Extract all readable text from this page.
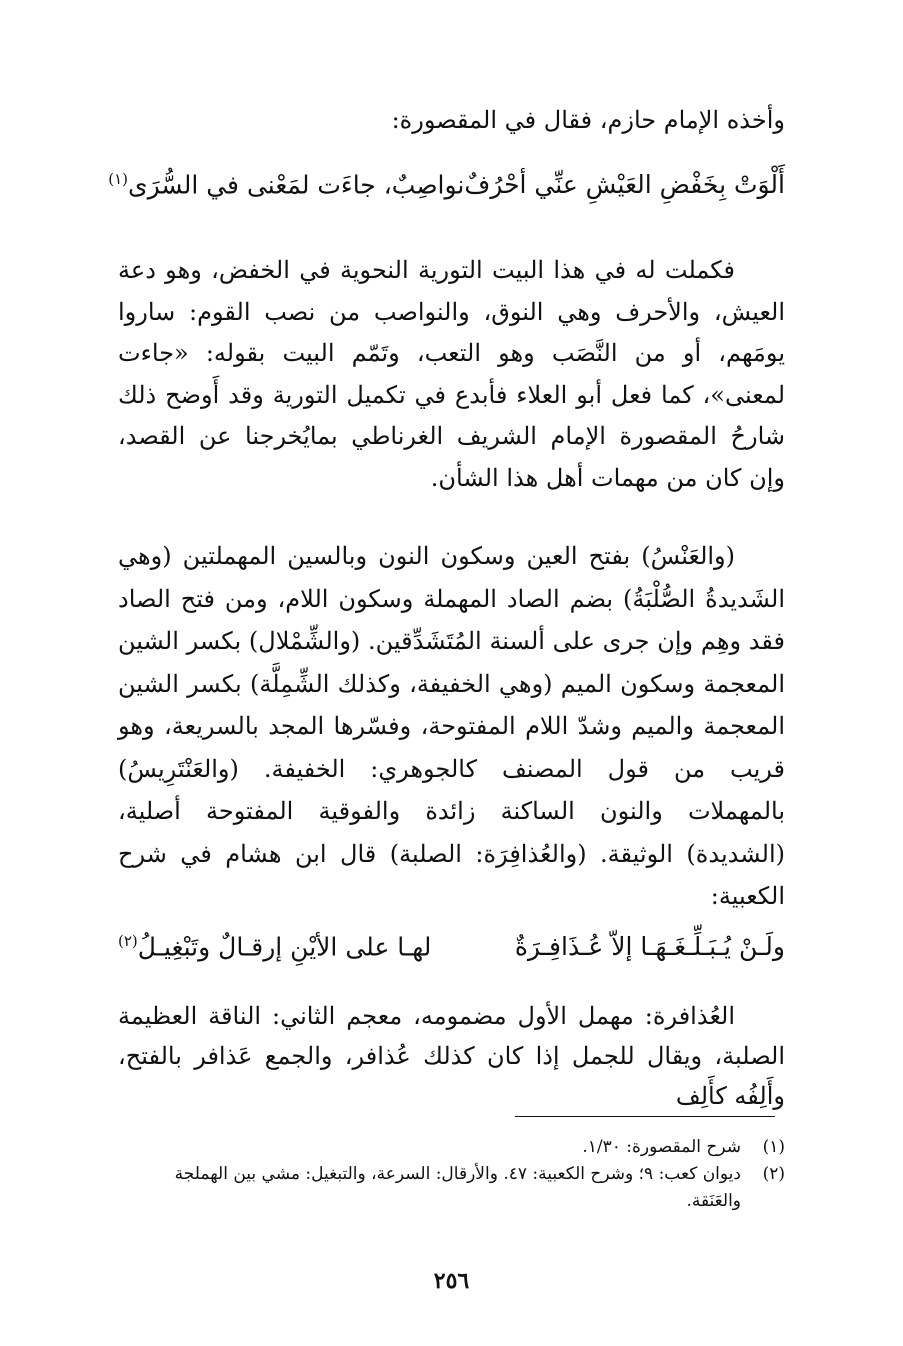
وأخذه الإمام حازم، فقال في المقصورة:

أَلْوَتْ بِخَفْضِ العَيْشِ عنِّي أحْرُفٌ
نواصِبٌ، جاءَت لمَعْنى في السُّرَى$^{(١)}$

فكملت له في هذا البيت التورية النحوية في الخفض، وهو دعة العيش، والأحرف وهي النوق، والنواصب من نصب القوم: ساروا يومَهم، أو من النَّصَب وهو التعب، وتَمّم البيت بقوله: «جاءت لمعنى»، كما فعل أبو العلاء فأبدع في تكميل التورية وقد أَوضح ذلك شارحُ المقصورة الإمام الشريف الغرناطي بمايُخرجنا عن القصد، وإن كان من مهمات أهل هذا الشأن.

(والعَنْسُ) بفتح العين وسكون النون وبالسين المهملتين (وهي الشَديدةُ الصُّلْبَةُ) بضم الصاد المهملة وسكون اللام، ومن فتح الصاد فقد وهِم وإن جرى على ألسنة المُتَشَدِّقين. (والشِّمْلال) بكسر الشين المعجمة وسكون الميم (وهي الخفيفة، وكذلك الشِّمِلَّة) بكسر الشين المعجمة والميم وشدّ اللام المفتوحة، وفسّرها المجد بالسريعة، وهو قريب من قول المصنف كالجوهري: الخفيفة. (والعَنْتَرِيسُ) بالمهملات والنون الساكنة زائدة والفوقية المفتوحة أصلية، (الشديدة) الوثيقة. (والعُذافِرَة: الصلبة) قال ابن هشام في شرح الكعبية:

ولَـنْ يُـبَـلِّـغَـهَـا إلاّ عُـذَافِـرَةٌ
لهـا على الأيْنِ إرقـالٌ وتَبْغِيـلُ$^{(٢)}$

العُذافرة: مهمل الأول مضمومه، معجم الثاني: الناقة العظيمة الصلبة، ويقال للجمل إذا كان كذلك عُذافر، والجمع عَذافر بالفتح، وأَلِفُه كأَلِف

(١)
شرح المقصورة: ١/٣٠.
(٢)
ديوان كعب: ٩؛ وشرح الكعبية: ٤٧. والأرقال: السرعة، والتبغيل: مشي بين الهملجة والعَنَقة.
٢٥٦
